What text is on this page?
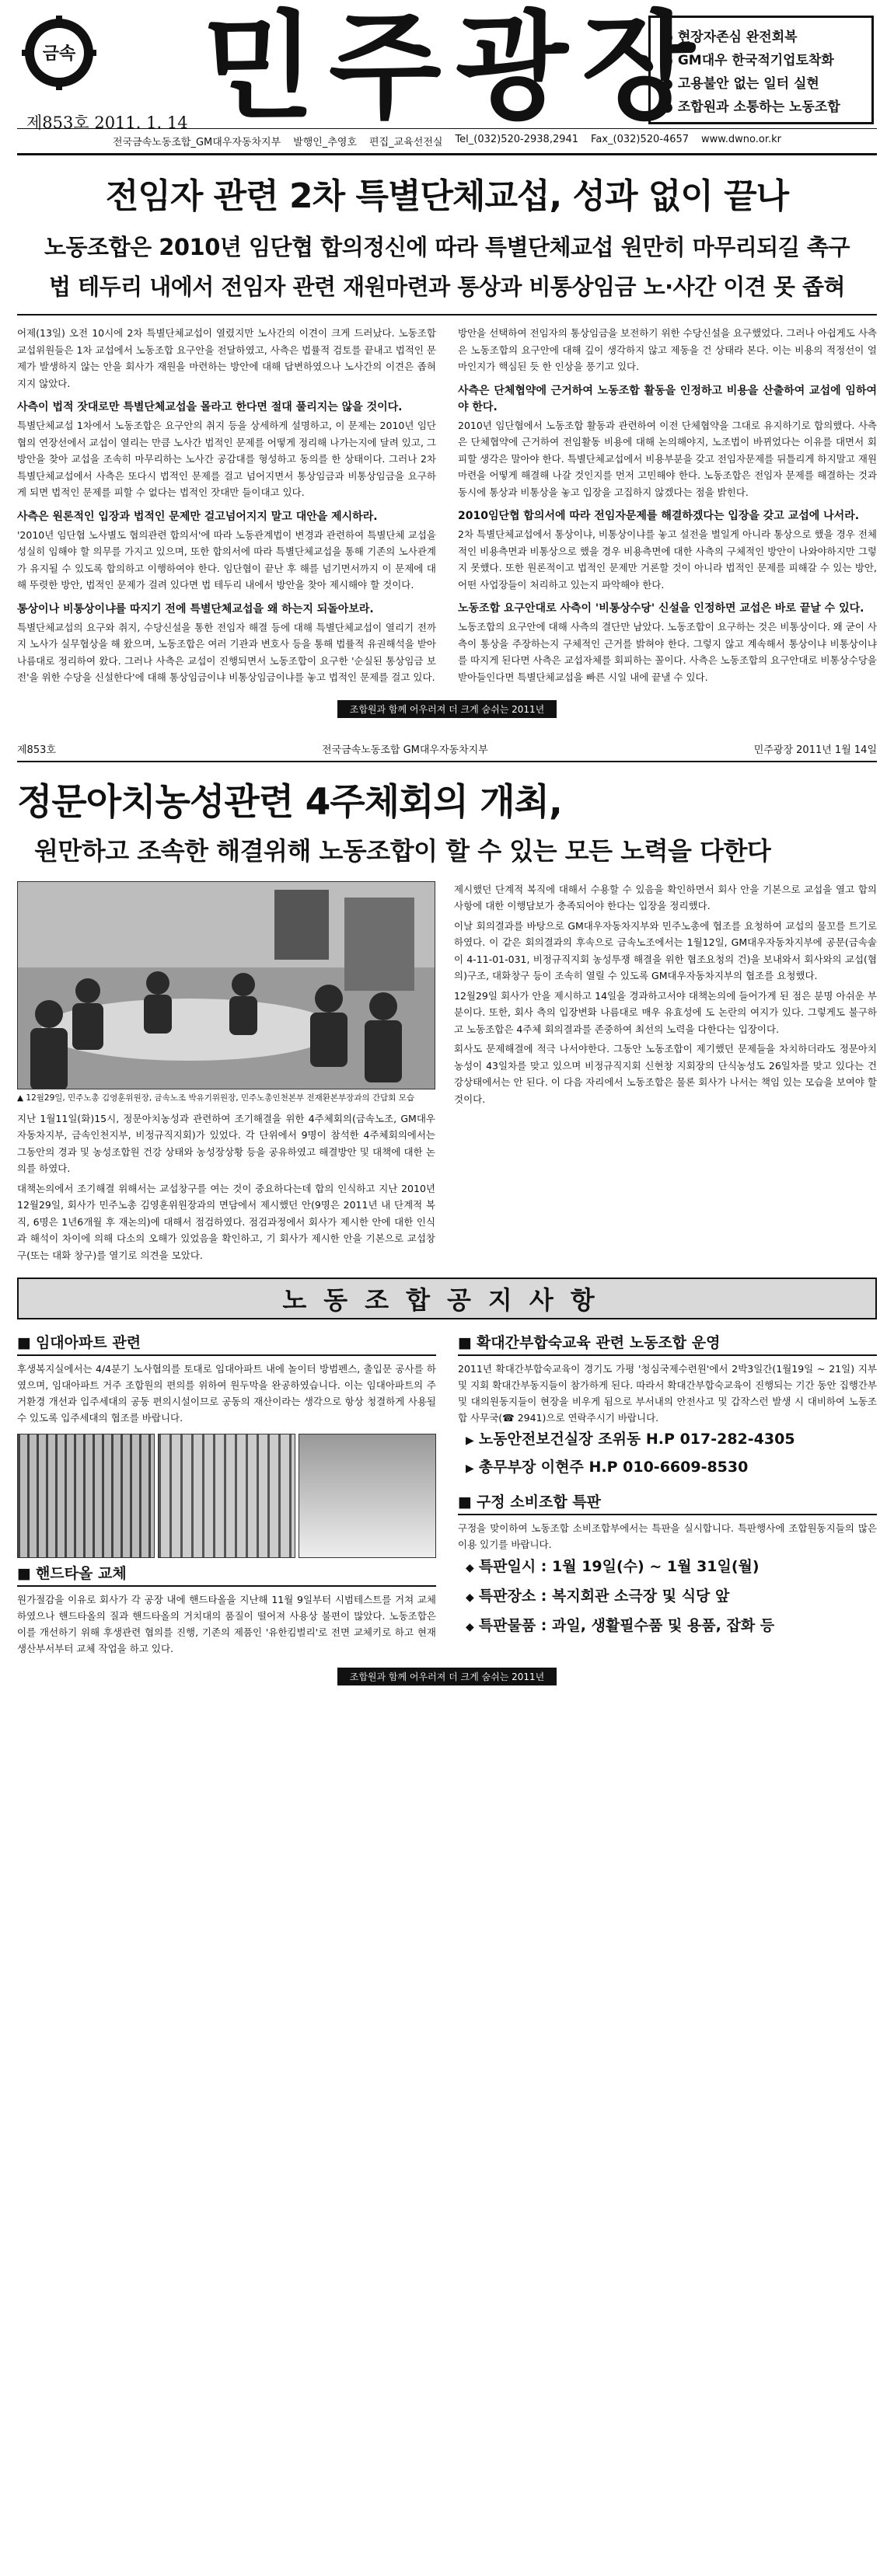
금속
제853호 2011. 1. 14 민주광장
● 현장자존심 완전회복
● GM대우 한국적기업토착화
● 고용불안 없는 일터 실현
● 조합원과 소통하는 노동조합
전국금속노동조합_GM대우자동차지부 발행인_추영호 편집_교육선전실 Tel_(032)520-2938,2941 Fax_(032)520-4657 www.dwno.or.kr
전임자 관련 2차 특별단체교섭, 성과 없이 끝나
노동조합은 2010년 임단협 합의정신에 따라 특별단체교섭 원만히 마무리되길 촉구
법 테두리 내에서 전임자 관련 재원마련과 통상과 비통상임금 노·사간 이견 못 좁혀

어제(13일) 오전 10시에 2차 특별단체교섭이 열렸지만 노사간의 이견이 크게 드러났다. 노동조합 교섭위원들은 1차 교섭에서 노동조합 요구안을 전달하였고, 사측은 법률적 검토를 끝내고 법적인 문제가 발생하지 않는 안을 회사가 재원을 마련하는 방안에 대해 답변하였으나 노사간의 이견은 좁혀지지 않았다.

사측이 법적 잣대로만 특별단체교섭을 몰라고 한다면 절대 풀리지는 않을 것이다.

특별단체교섭 1차에서 노동조합은 요구안의 취지 등을 상세하게 설명하고, 이 문제는 2010년 임단협의 연장선에서 교섭이 열리는 만큼 노사간 법적인 문제를 어떻게 정리해 나가는지에 달려 있고, 그 방안을 찾아 교섭을 조속히 마무리하는 노사간 공감대를 형성하고 동의를 한 상태이다. 그러나 2차 특별단체교섭에서 사측은 또다시 법적인 문제를 걸고 넘어지면서 통상임금과 비통상임금을 요구하게 되면 법적인 문제를 피할 수 없다는 법적인 잣대만 들이대고 있다.

사측은 원론적인 입장과 법적인 문제만 걸고넘어지지 말고 대안을 제시하라.

'2010년 임단협 노사별도 협의관련 합의서'에 따라 노동관계법이 변경과 관련하여 특별단체 교섭을 성실히 임해야 할 의무를 가지고 있으며, 또한 합의서에 따라 특별단체교섭을 통해 기존의 노사관계가 유지될 수 있도록 합의하고 이행하여야 한다. 임단협이 끝난 후 해를 넘기면서까지 이 문제에 대해 뚜렷한 방안, 법적인 문제가 걸려 있다면 법 테두리 내에서 방안을 찾아 제시해야 할 것이다.

통상이나 비통상이냐를 따지기 전에 특별단체교섭을 왜 하는지 되돌아보라.

특별단체교섭의 요구와 취지, 수당신설을 통한 전임자 해결 등에 대해 특별단체교섭이 열리기 전까지 노사가 실무협상을 해 왔으며, 노동조합은 여러 기관과 변호사 등을 통해 법률적 유권해석을 받아 나름대로 정리하여 왔다. 그러나 사측은 교섭이 진행되면서 노동조합이 요구한 '순실된 통상임금 보전'을 위한 수당을 신설한다'에 대해 통상임금이냐 비통상임금이냐를 놓고 법적인 문제를 걸고 있다.

방안을 선택하여 전임자의 통상임금을 보전하기 위한 수당신설을 요구했었다. 그러나 아쉽게도 사측은 노동조합의 요구안에 대해 깊이 생각하지 않고 제동을 건 상태라 본다. 이는 비용의 적정선이 얼마인지가 핵심된 듯 한 인상을 풍기고 있다.

사측은 단체협약에 근거하여 노동조합 활동을 인정하고 비용을 산출하여 교섭에 임하여야 한다.

2010년 임단협에서 노동조합 활동과 관련하여 이전 단체협약을 그대로 유지하기로 합의했다. 사측은 단체협약에 근거하여 전임활동 비용에 대해 논의해야지, 노조법이 바뀌었다는 이유를 대면서 회피할 생각은 말아야 한다. 특별단체교섭에서 비용부분을 갖고 전임자문제를 뒤틀리게 하지말고 재원마련을 어떻게 해결해 나갈 것인지를 먼저 고민해야 한다. 노동조합은 전임자 문제를 해결하는 것과 동시에 통상과 비통상을 놓고 입장을 고집하지 않겠다는 점을 밝힌다.

2010임단협 합의서에 따라 전임자문제를 해결하겠다는 입장을 갖고 교섭에 나서라.

2차 특별단체교섭에서 통상이냐, 비통상이냐를 놓고 설전을 벌일게 아니라 통상으로 했을 경우 전체적인 비용측면과 비통상으로 했을 경우 비용측면에 대한 사측의 구체적인 방안이 나와야하지만 그렇지 못했다. 또한 원론적이고 법적인 문제만 거론할 것이 아니라 법적인 문제를 피해갈 수 있는 방안, 어떤 사업장들이 처리하고 있는지 파악해야 한다.

노동조합 요구안대로 사측이 '비통상수당' 신설을 인정하면 교섭은 바로 끝날 수 있다.

노동조합의 요구안에 대해 사측의 결단만 남았다. 노동조합이 요구하는 것은 비통상이다. 왜 굳이 사측이 통상을 주장하는지 구체적인 근거를 밝혀야 한다. 그렇지 않고 계속해서 통상이냐 비통상이냐를 따지게 된다면 사측은 교섭자체를 회피하는 꼴이다. 사측은 노동조합의 요구안대로 비통상수당을 받아들인다면 특별단체교섭을 빠른 시일 내에 끝낼 수 있다.

조합원과 함께 어우러져 더 크게 숨쉬는 2011년
제853호	전국금속노동조합 GM대우자동차지부	민주광장 2011년 1월 14일
정문아치농성관련 4주체회의 개최,
원만하고 조속한 해결위해 노동조합이 할 수 있는 모든 노력을 다한다
▲ 12월29일, 민주노총 김영훈위원장, 금속노조 박유기위원장, 민주노총인천본부 전재환본부장과의 간담회 모습

지난 1월11일(화)15시, 정문아치농성과 관련하여 조기해결을 위한 4주체회의(금속노조, GM대우자동차지부, 금속인천지부, 비정규직지회)가 있었다. 각 단위에서 9명이 참석한 4주체회의에서는 그동안의 경과 및 농성조합원 건강 상태와 농성장상황 등을 공유하였고 해결방안 및 대책에 대한 논의를 하였다.

대책논의에서 조기해결 위해서는 교섭창구를 여는 것이 중요하다는데 합의 인식하고 지난 2010년12월29일, 회사가 민주노총 김영훈위원장과의 면담에서 제시했던 안(9명은 2011년 내 단계적 복직, 6명은 1년6개월 후 재논의)에 대해서 점검하였다. 점검과정에서 회사가 제시한 안에 대한 인식과 해석이 차이에 의해 다소의 오해가 있었음을 확인하고, 기 회사가 제시한 안을 기본으로 교섭창구(또는 대화 창구)를 열기로 의견을 모았다.

제시했던 단계적 복직에 대해서 수용할 수 있음을 확인하면서 회사 안을 기본으로 교섭을 열고 합의사항에 대한 이행담보가 충족되어야 한다는 입장을 정리했다.

이날 회의결과를 바탕으로 GM대우자동차지부와 민주노총에 협조를 요청하여 교섭의 물꼬를 트기로 하였다. 이 같은 회의결과의 후속으로 금속노조에서는 1월12일, GM대우자동차지부에 공문(금속솔이 4-11-01-031, 비정규직지회 농성투쟁 해결을 위한 협조요청의 건)을 보내와서 회사와의 교섭(협의)구조, 대화창구 등이 조속히 열릴 수 있도록 GM대우자동차지부의 협조를 요청했다.

12월29일 회사가 안을 제시하고 14일을 경과하고서야 대책논의에 들어가게 된 점은 분명 아쉬운 부분이다. 또한, 회사 측의 입장변화 나름대로 매우 유효성에 도 논란의 여지가 있다. 그렇게도 불구하고 노동조합은 4주체 회의결과를 존중하여 최선의 노력을 다한다는 입장이다.

회사도 문제해결에 적극 나서야한다. 그동안 노동조합이 제기했던 문제들을 차치하더라도 정문아치농성이 43일차를 맞고 있으며 비정규직지회 신현창 지회장의 단식농성도 26일차를 맞고 있다는 건강상태에서는 안 된다. 이 다음 자리에서 노동조합은 물론 회사가 나서는 책임 있는 모습을 보여야 할 것이다.

노동조합공지사항
■ 임대아파트 관련

후생복지실에서는 4/4분기 노사협의를 토대로 임대아파트 내에 놀이터 방범펜스, 출입문 공사를 하였으며, 임대아파트 거주 조합원의 편의를 위하여 원두막을 완공하였습니다. 이는 임대아파트의 주거환경 개선과 입주세대의 공동 편의시설이므로 공동의 재산이라는 생각으로 항상 청결하게 사용될 수 있도록 입주세대의 협조를 바랍니다.

■ 핸드타올 교체

원가절감을 이유로 회사가 각 공장 내에 핸드타올을 지난해 11월 9일부터 시범테스트를 거쳐 교체하였으나 핸드타올의 질과 핸드타올의 거치대의 품질이 떨어져 사용상 불편이 많았다. 노동조합은 이를 개선하기 위해 후생관련 협의를 진행, 기존의 제품인 '유한킴벌리'로 전면 교체키로 하고 현재 생산부서부터 교체 작업을 하고 있다.

■ 확대간부합숙교육 관련 노동조합 운영

2011년 확대간부합숙교육이 경기도 가평 '청심국제수련원'에서 2박3일간(1월19일 ~ 21일) 지부 및 지회 확대간부동지들이 참가하게 된다. 따라서 확대간부합숙교육이 진행되는 기간 동안 집행간부 및 대의원동지들이 현장을 비우게 됨으로 부서내의 안전사고 및 갑작스런 발생 시 대비하여 노동조합 사무국(☎ 2941)으로 연락주시기 바랍니다.

▶ 노동안전보건실장 조위동 H.P 017-282-4305
▶ 총무부장 이현주 H.P 010-6609-8530
■ 구정 소비조합 특판

구정을 맞이하여 노동조합 소비조합부에서는 특판을 실시합니다. 특판행사에 조합원동지들의 많은 이용 있기를 바랍니다.

◆ 특판일시 : 1월 19일(수) ~ 1월 31일(월)
◆ 특판장소 : 복지회관 소극장 및 식당 앞
◆ 특판물품 : 과일, 생활필수품 및 용품, 잡화 등
조합원과 함께 어우러져 더 크게 숨쉬는 2011년
